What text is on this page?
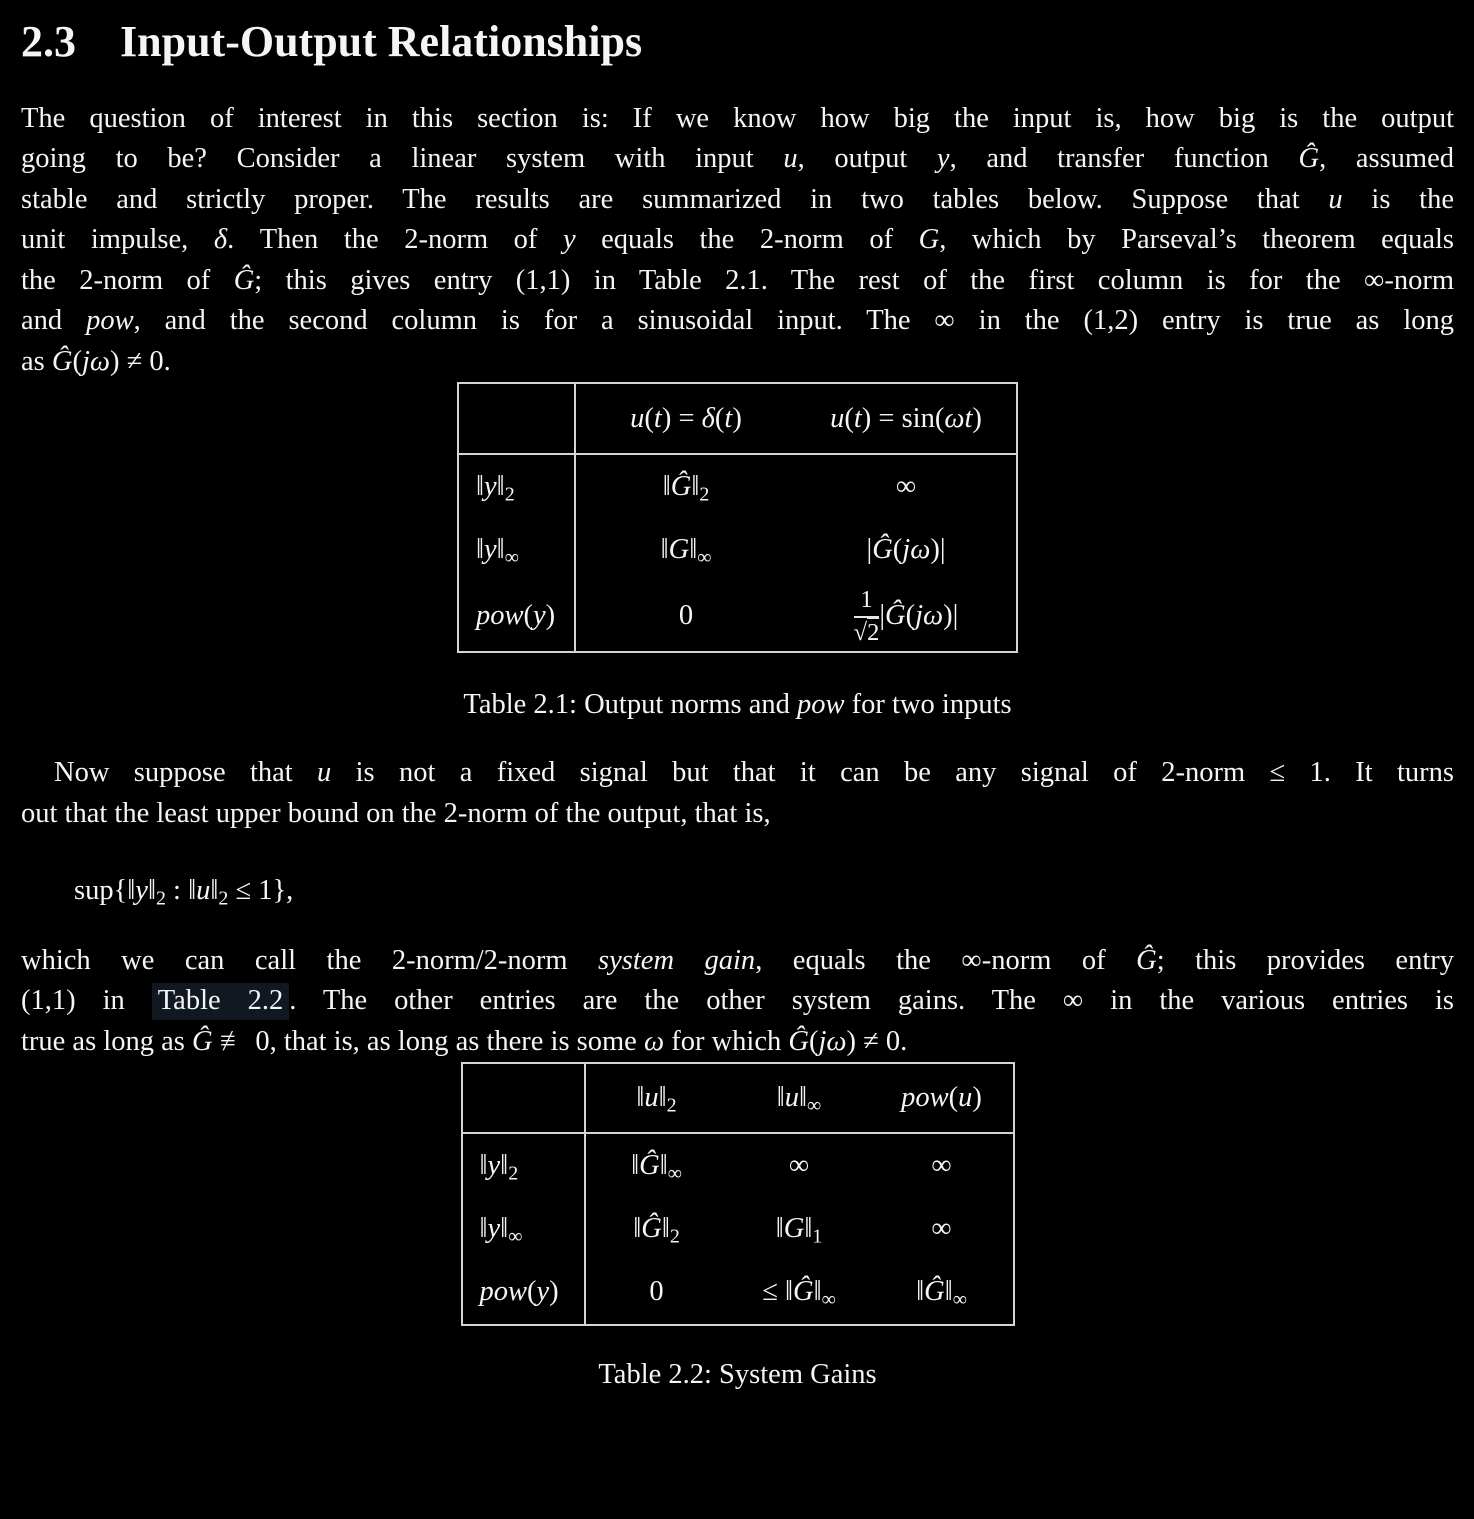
2.3 Input-Output Relationships
The question of interest in this section is: If we know how big the input is, how big is the output
going to be? Consider a linear system with input u, output y, and transfer function Ĝ, assumed
stable and strictly proper. The results are summarized in two tables below. Suppose that u is the
unit impulse, δ. Then the 2-norm of y equals the 2-norm of G, which by Parseval’s theorem equals
the 2-norm of Ĝ; this gives entry (1,1) in Table 2.1. The rest of the first column is for the ∞-norm
and pow, and the second column is for a sinusoidal input. The ∞ in the (1,2) entry is true as long
as Ĝ(jω) ≠ 0.
	u(t) = δ(t)	u(t) = sin(ωt)
$‖y‖_2$	$‖Ĝ‖_2$	∞
$‖y‖_\infty$	$‖G‖_\infty$	|Ĝ(jω)|
pow(y)	0	$\frac{1}{√2}$ |Ĝ(jω)|
Table 2.1: Output norms and pow for two inputs
Now suppose that u is not a fixed signal but that it can be any signal of 2-norm ≤ 1. It turns
out that the least upper bound on the 2-norm of the output, that is,
$sup\{‖y‖_2$ : $‖u‖_2 \le 1$},
which we can call the 2-norm/2-norm system gain, equals the ∞-norm of Ĝ; this provides entry
(1,1) in Table 2.2 . The other entries are the other system gains. The ∞ in the various entries is
true as long as Ĝ ≢ 0, that is, as long as there is some ω for which Ĝ(jω) ≠ 0.
	$‖u‖_2$	$‖u‖_\infty$	pow(u)
$‖y‖_2$	$‖Ĝ‖_\infty$	∞	∞
$‖y‖_\infty$	$‖Ĝ‖_2$	$‖G‖_1$	∞
pow(y)	0	≤ $‖Ĝ‖_\infty$	$‖Ĝ‖_\infty$
Table 2.2: System Gains
